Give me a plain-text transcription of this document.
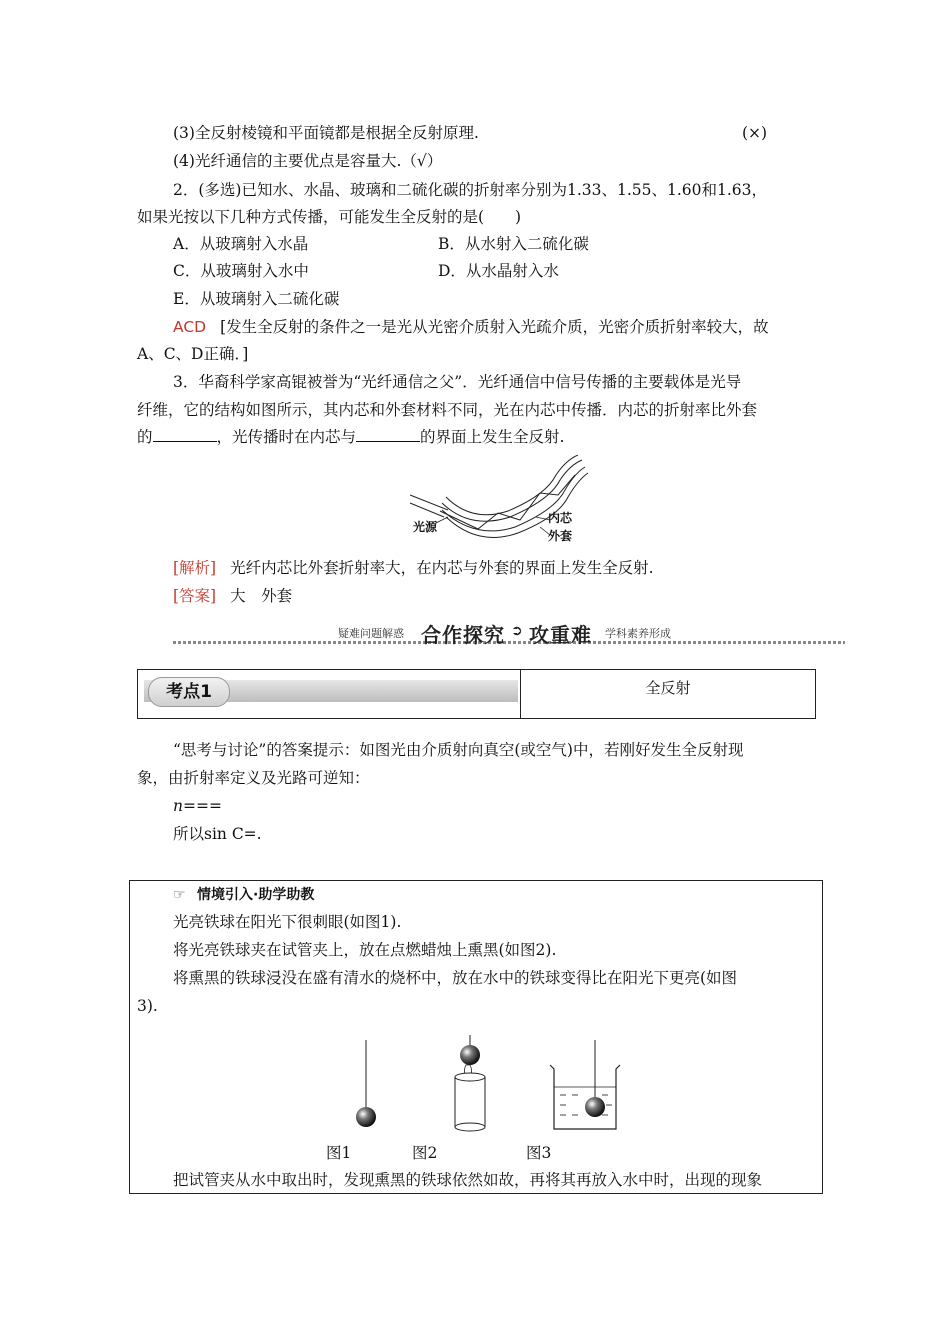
(3)全反射棱镜和平面镜都是根据全反射原理.	(×)
(4)光纤通信的主要优点是容量大.（√）
2．(多选)已知水、水晶、玻璃和二硫化碳的折射率分别为1.33、1.55、1.60和1.63，
如果光按以下几种方式传播，可能发生全反射的是(　　)
A．从玻璃射入水晶	B．从水射入二硫化碳
C．从玻璃射入水中	D．从水晶射入水
E．从玻璃射入二硫化碳
ACD [发生全反射的条件之一是光从光密介质射入光疏介质，光密介质折射率较大，故
A、C、D正确．]
3．华裔科学家高锟被誉为“光纤通信之父”．光纤通信中信号传播的主要载体是光导
纤维，它的结构如图所示，其内芯和外套材料不同，光在内芯中传播．内芯的折射率比外套
的	，光传播时在内芯与	的界面上发生全反射.
光源
内芯
外套
[解析] 光纤内芯比外套折射率大，在内芯与外套的界面上发生全反射.
[答案] 大　外套
疑难问题解惑 合作探究 ➲ 攻重难 学科素养形成
考点1	全反射
“思考与讨论”的答案提示：如图光由介质射向真空(或空气)中，若刚好发生全反射现
象，由折射率定义及光路可逆知：
n===
所以sin C=.
☞ 情境引入·助学助教
光亮铁球在阳光下很刺眼(如图1).
将光亮铁球夹在试管夹上，放在点燃蜡烛上熏黑(如图2).
将熏黑的铁球浸没在盛有清水的烧杯中，放在水中的铁球变得比在阳光下更亮(如图
3).
图1	图2	图3
把试管夹从水中取出时，发现熏黑的铁球依然如故，再将其再放入水中时，出现的现象
